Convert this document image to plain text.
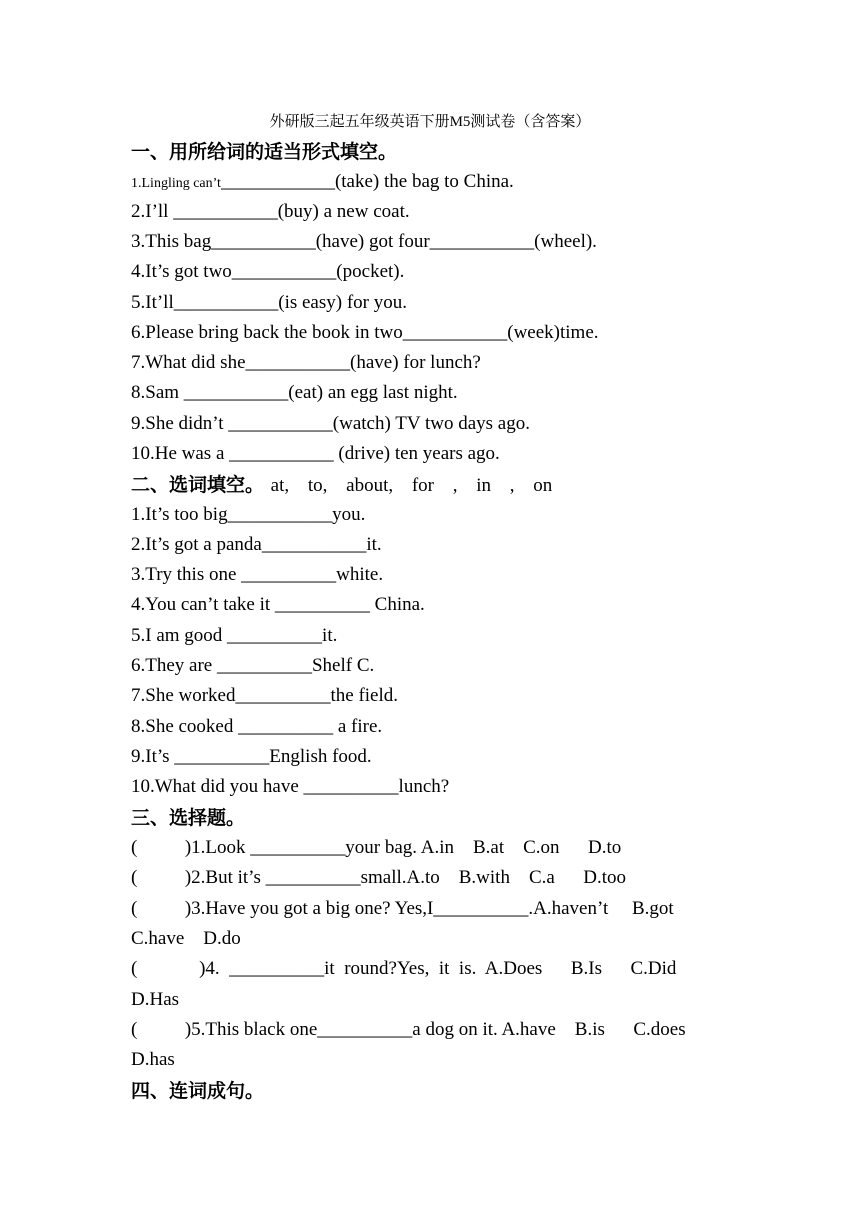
外研版三起五年级英语下册M5测试卷（含答案）
一、用所给词的适当形式填空。
1.Lingling can’t____________(take) the bag to China.
2.I’ll ___________(buy) a new coat.
3.This bag___________(have) got four___________(wheel).
4.It’s got two___________(pocket).
5.It’ll___________(is easy) for you.
6.Please bring back the book in two___________(week)time.
7.What did she___________(have) for lunch?
8.Sam ___________(eat) an egg last night.
9.She didn’t ___________(watch) TV two days ago.
10.He was a ___________ (drive) ten years ago.
二、选词填空。 at, to, about, for , in , on
1.It’s too big___________you.
2.It’s got a panda___________it.
3.Try this one __________white.
4.You can’t take it __________ China.
5.I am good __________it.
6.They are __________Shelf C.
7.She worked__________the field.
8.She cooked __________ a fire.
9.It’s __________English food.
10.What did you have __________lunch?
三、选择题。
(          )1.Look __________your bag. A.in    B.at    C.on      D.to
(          )2.But it’s __________small.A.to    B.with    C.a      D.too
(          )3.Have you got a big one? Yes,I__________.A.haven’t     B.got
C.have    D.do
(             )4.  __________it  round?Yes,  it  is.  A.Does      B.Is      C.Did
D.Has
(          )5.This black one__________a dog on it. A.have    B.is      C.does
D.has
四、连词成句。
